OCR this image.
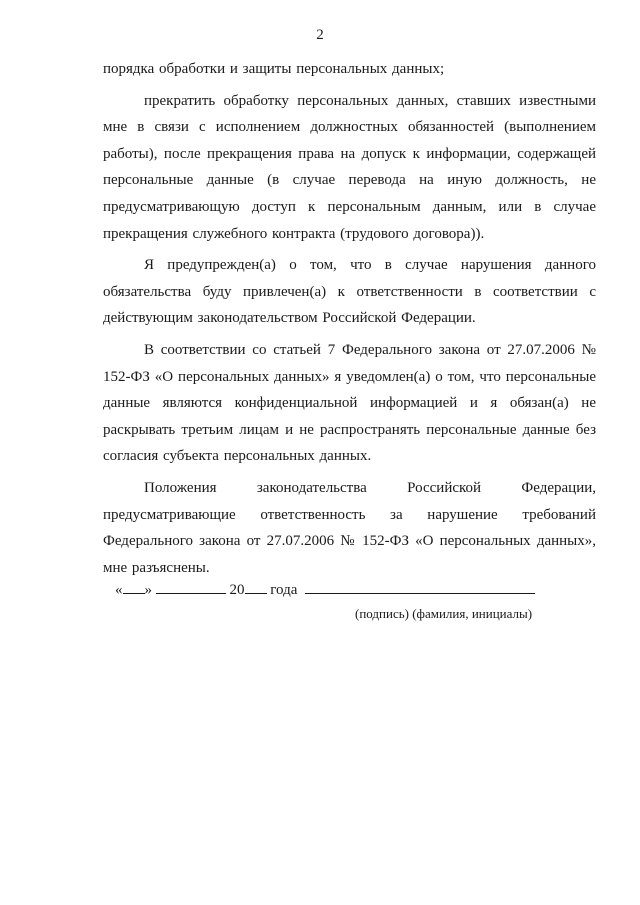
2

порядка обработки и защиты персональных данных;

прекратить обработку персональных данных, ставших известными мне в связи с исполнением должностных обязанностей (выполнением работы), после прекращения права на допуск к информации, содержащей персональные данные (в случае перевода на иную должность, не предусматривающую доступ к персональным данным, или в случае прекращения служебного контракта (трудового договора)).

Я предупрежден(а) о том, что в случае нарушения данного обязательства буду привлечен(а) к ответственности в соответствии с действующим законодательством Российской Федерации.

В соответствии со статьей 7 Федерального закона от 27.07.2006 № 152-ФЗ «О персональных данных» я уведомлен(а) о том, что персональные данные являются конфиденциальной информацией и я обязан(а) не раскрывать третьим лицам и не распространять персональные данные без согласия субъекта персональных данных.

Положения законодательства Российской Федерации, предусматривающие ответственность за нарушение требований Федерального закона от 27.07.2006 № 152-ФЗ «О персональных данных», мне разъяснены.

« »	20 года
(подпись) (фамилия, инициалы)
